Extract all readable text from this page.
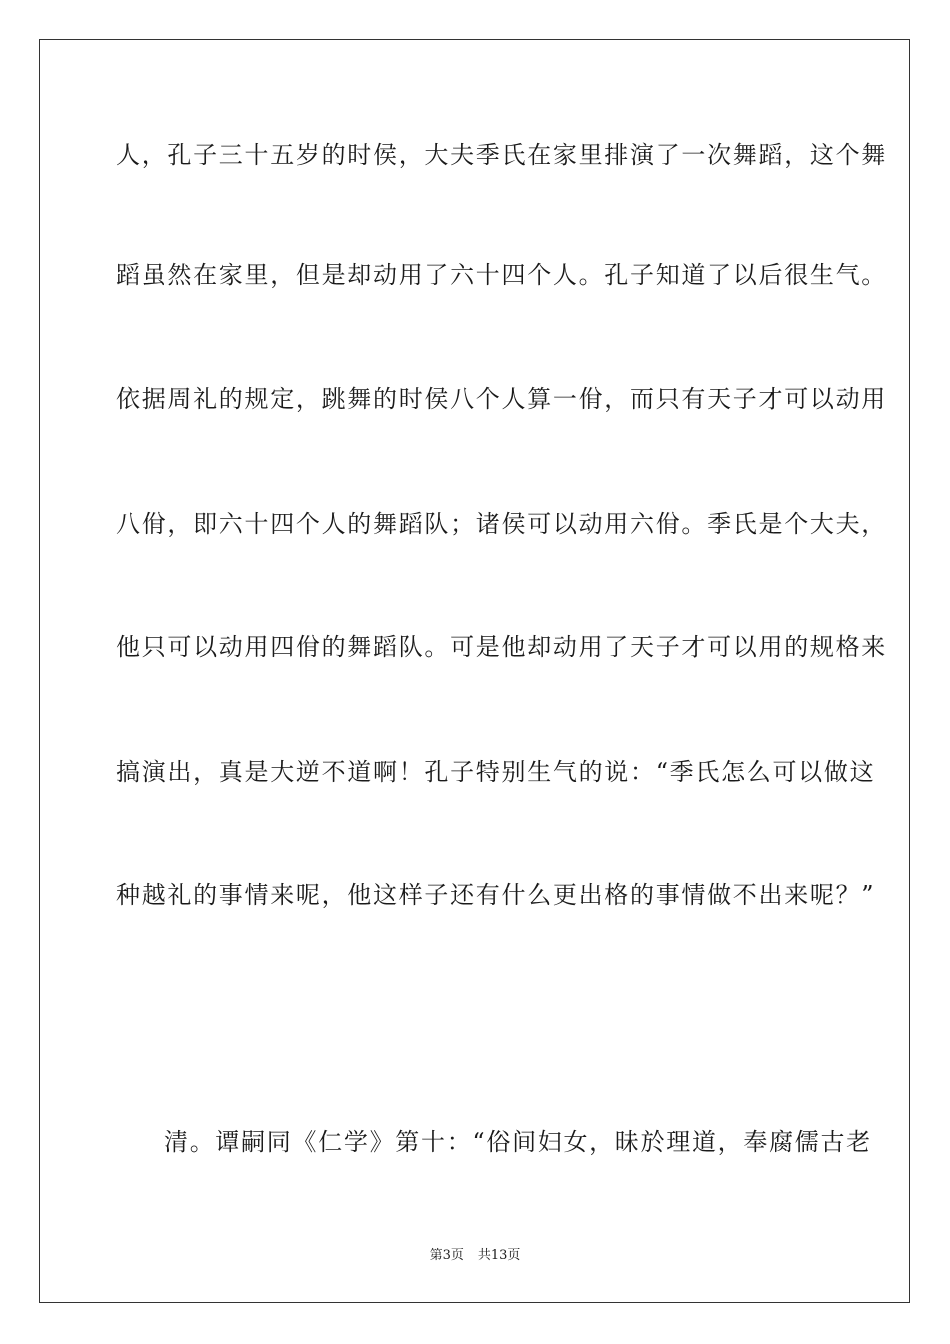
人，孔子三十五岁的时侯，大夫季氏在家里排演了一次舞蹈，这个舞
蹈虽然在家里，但是却动用了六十四个人。孔子知道了以后很生气。
依据周礼的规定，跳舞的时侯八个人算一佾，而只有天子才可以动用
八佾，即六十四个人的舞蹈队；诸侯可以动用六佾。季氏是个大夫，
他只可以动用四佾的舞蹈队。可是他却动用了天子才可以用的规格来
搞演出，真是大逆不道啊！孔子特别生气的说：“季氏怎么可以做这
种越礼的事情来呢，他这样子还有什么更出格的事情做不出来呢？”
清。谭嗣同《仁学》第十：“俗间妇女，昧於理道，奉腐儒古老
第3页 共13页
